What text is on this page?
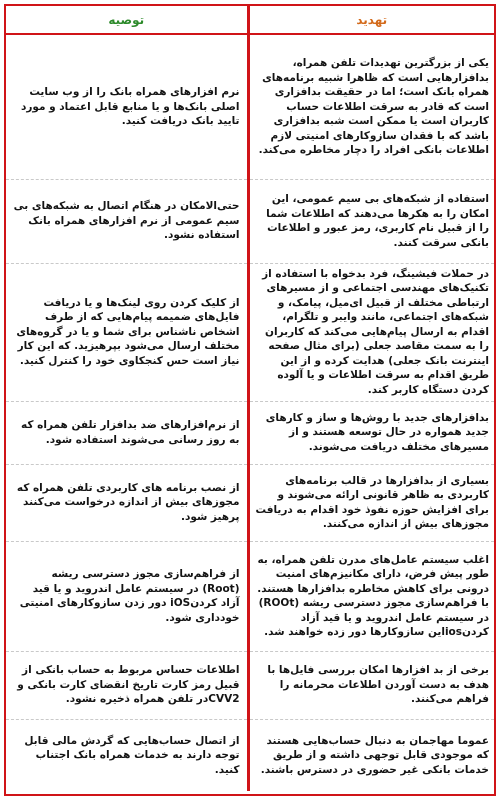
تهدید	توصیه
یکی از بزرگترین تهدیدات تلفن همراه، بدافزارهایی است که ظاهرا شبیه برنامه‌های همراه بانک است؛ اما در حقیقت بدافزاری است که قادر به سرقت اطلاعات حساب کاربران است یا ممکن است شبه بدافزاری باشد که با فقدان سازوکارهای امنیتی لازم اطلاعات بانکی افراد را دچار مخاطره می‌کند.	نرم افزارهای همراه بانک را از وب سایت اصلی بانک‌ها و یا منابع قابل اعتماد و مورد تایید بانک دریافت کنید.
استفاده از شبکه‌های بی سیم عمومی، این امکان را به هکرها می‌دهند که اطلاعات شما را از قبیل نام کاربری، رمز عبور و اطلاعات بانکی سرقت کنند.	حتی‌الامکان در هنگام اتصال به شبکه‌های بی سیم عمومی از نرم افزارهای همراه بانک استفاده نشود.
در حملات فیشینگ، فرد بدخواه با استفاده از تکنیک‌های مهندسی اجتماعی و از مسیرهای ارتباطی مختلف از قبیل ای‌میل، پیامک، و شبکه‌های اجتماعی، مانند وایبر و تلگرام، اقدام به ارسال پیام‌هایی می‌کند که کاربران را به سمت مقاصد جعلی (برای مثال صفحه اینترنت بانک جعلی) هدایت کرده و از این طریق اقدام به سرقت اطلاعات و یا آلوده کردن دستگاه کاربر کند.	از کلیک کردن روی لینک‌ها و یا دریافت فایل‌های ضمیمه پیام‌هایی که از طرف اشخاص ناشناس برای شما و یا در گروه‌های مختلف ارسال می‌شود بپرهیزید. که این کار نیاز است حس کنجکاوی خود را کنترل کنید.
بدافزارهای جدید با روش‌ها و ساز و کارهای جدید همواره در حال توسعه هستند و از مسیرهای مختلف دریافت می‌شوند.	از نرم‌افزارهای ضد بدافزار تلفن همراه که به روز رسانی می‌شوند استفاده شود.
بسیاری از بدافزارها در قالب برنامه‌های کاربردی به ظاهر قانونی ارائه می‌شوند و برای افزایش حوزه نفوذ خود اقدام به دریافت مجوزهای بیش از اندازه می‌کنند.	از نصب برنامه های کاربردی تلفن همراه که مجوزهای بیش از اندازه درخواست می‌کنند پرهیز شود.
اغلب سیستم عامل‌های مدرن تلفن همراه، به طور پیش فرض، دارای مکانیزم‌های امنیت درونی برای کاهش مخاطره بدافزارها هستند. با فراهم‌سازی مجوز دسترسی ریشه (ROOt) در سیستم عامل اندروید و یا قید آزاد کردنiosاین سازوکارها دور زده خواهند شد.	از فراهم‌سازی مجوز دسترسی ریشه (Root) در سیستم عامل اندروید و یا قید آزاد کردنiOS دور زدن سازوکارهای امنیتی خودداری شود.
برخی از بد افزارها امکان بررسی فایل‌ها با هدف به دست آوردن اطلاعات محرمانه را فراهم می‌کنند.	اطلاعات حساس مربوط به حساب بانکی از قبیل رمز کارت تاریخ انقضای کارت بانکی و CVV2در تلفن همراه ذخیره نشود.
عموما مهاجمان به دنبال حساب‌هایی هستند که موجودی قابل توجهی داشته و از طریق خدمات بانکی غیر حضوری در دسترس باشند.	از اتصال حساب‌هایی که گردش مالی قابل توجه دارند به خدمات همراه بانک اجتناب کنید.
